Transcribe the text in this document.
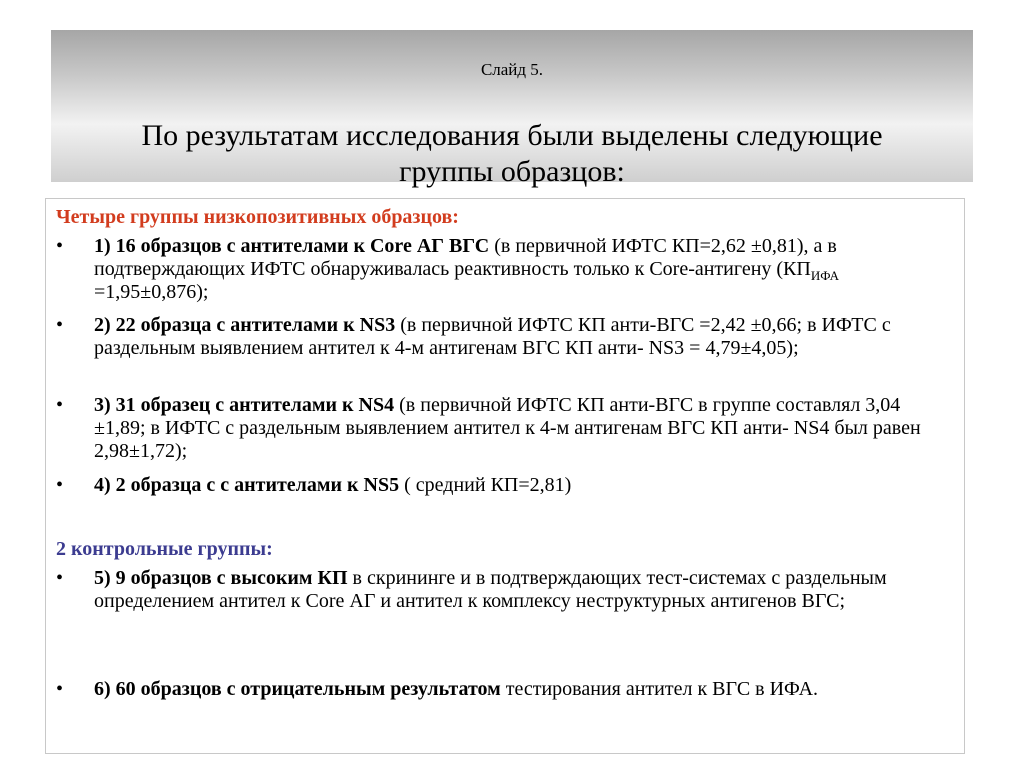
Слайд 5.
По результатам исследования были выделены следующие группы образцов:
Четыре группы низкопозитивных образцов:
• 1) 16 образцов с антителами к Core АГ ВГС (в первичной ИФТС КП=2,62 ±0,81), а в подтверждающих ИФТС обнаруживалась реактивность только к Core-антигену $(КП_{ИФА} =1,95\pm 0,876)$;
• 2) 22 образца с антителами к NS3 (в первичной ИФТС КП анти-ВГС =2,42 ±0,66; в ИФТС с раздельным выявлением антител к 4-м антигенам ВГС КП анти- NS3 = 4,79±4,05);
• 3) 31 образец с антителами к NS4 (в первичной ИФТС КП анти-ВГС в группе составлял 3,04 ±1,89; в ИФТС с раздельным выявлением антител к 4-м антигенам ВГС КП анти- NS4 был равен 2,98±1,72);
• 4) 2 образца с с антителами к NS5 ( средний КП=2,81)
2 контрольные группы:
• 5) 9 образцов с высоким КП в скрининге и в подтверждающих тест-системах с раздельным определением антител к Core АГ и антител к комплексу неструктурных антигенов ВГС;
• 6) 60 образцов с отрицательным результатом тестирования антител к ВГС в ИФА.
